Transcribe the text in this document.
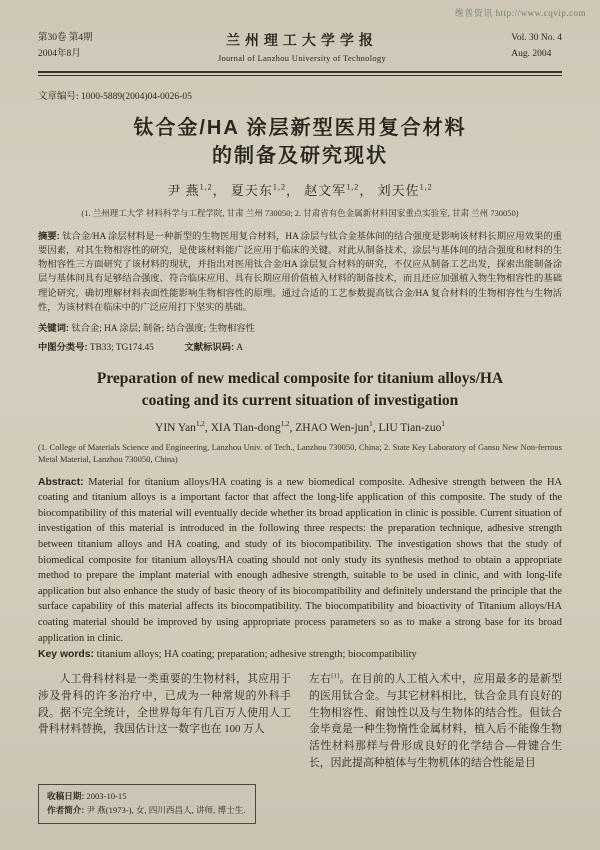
维普资讯 http://www.cqvip.com
第30卷 第4期
2004年8月
兰州理工大学学报
Journal of Lanzhou University of Technology
Vol. 30 No. 4
Aug. 2004
文章编号: 1000-5889(2004)04-0026-05
钛合金/HA 涂层新型医用复合材料
的制备及研究现状
尹 燕$^{1,2}$， 夏天东$^{1,2}$， 赵文军$^{1,2}$， 刘天佐$^{1,2}$
(1. 兰州理工大学 材料科学与工程学院, 甘肃 兰州 730050; 2. 甘肃省有色金属新材料国家重点实验室, 甘肃 兰州 730050)
摘要: 钛合金/HA 涂层材料是一种新型的生物医用复合材料，HA 涂层与钛合金基体间的结合强度是影响该材料长期应用效果的重要因素，对其生物相容性的研究，是使该材料能广泛应用于临床的关键。对此从制备技术、涂层与基体间的结合强度和材料的生物相容性三方面研究了该材料的现状，并指出对医用钛合金/HA 涂层复合材料的研究，不仅应从制备工艺出发，探索出能制备涂层与基体间具有足够结合强度、符合临床应用、具有长期应用价值植入材料的制备技术，而且还应加强植入物生物相容性的基础理论研究，确切理解材料表面性能影响生物相容性的原理。通过合适的工艺参数提高钛合金/HA 复合材料的生物相容性与生物活性，为该材料在临床中的广泛应用打下坚实的基础。
关键词: 钛合金; HA 涂层; 制备; 结合强度; 生物相容性
中图分类号: TB33; TG174.45	文献标识码: A
Preparation of new medical composite for titanium alloys/HA
coating and its current situation of investigation
YIN Yan$^{1,2}$, XIA Tian-dong$^{1,2}$, ZHAO Wen-jun$^1$, LIU Tian-zuo$^1$
(1. College of Materials Science and Engineering, Lanzhou Univ. of Tech., Lanzhou 730050, China; 2. State Key Laboratory of Gansu New Non-ferrous Metal Material, Lanzhou 730050, China)
Abstract: Material for titanium alloys/HA coating is a new biomedical composite. Adhesive strength between the HA coating and titanium alloys is a important factor that affect the long-life application of this composite. The study of the biocompatibility of this material will eventually decide whether its broad application in clinic is possible. Current situation of investigation of this material is introduced in the following three respects: the preparation technique, adhesive strength between titanium alloys and HA coating, and study of its biocompatibility. The investigation shows that the study of biomedical composite for titanium alloys/HA coating should not only study its synthesis method to obtain a appropriate method to prepare the implant material with enough adhesive strength, suitable to be used in clinic, and with long-life application but also enhance the study of basic theory of its biocompatibility and definitely understand the principle that the surface capability of this material affects its biocompatibility. The biocompatibility and bioactivity of Titanium alloys/HA coating material should be improved by using appropriate process parameters so as to make a strong base for its broad application in clinic.
Key words: titanium alloys; HA coating; preparation; adhesive strength; biocompatibility
人工骨科材料是一类重要的生物材料，其应用于涉及骨科的许多治疗中，已成为一种常规的外科手段。据不完全统计，全世界每年有几百万人使用人工骨科材料替换，我国估计这一数字也在 100 万人
左右[1]。在目前的人工植入术中，应用最多的是新型的医用钛合金。与其它材料相比，钛合金具有良好的生物相容性、耐蚀性以及与生物体的结合性。但钛合金毕竟是一种生物惰性金属材料，植入后不能像生物活性材料那样与骨形成良好的化学结合—骨键合生长，因此提高种植体与生物机体的结合性能是目
收稿日期: 2003-10-15
作者简介: 尹 燕(1973-), 女, 四川西昌人, 讲师, 博士生.
